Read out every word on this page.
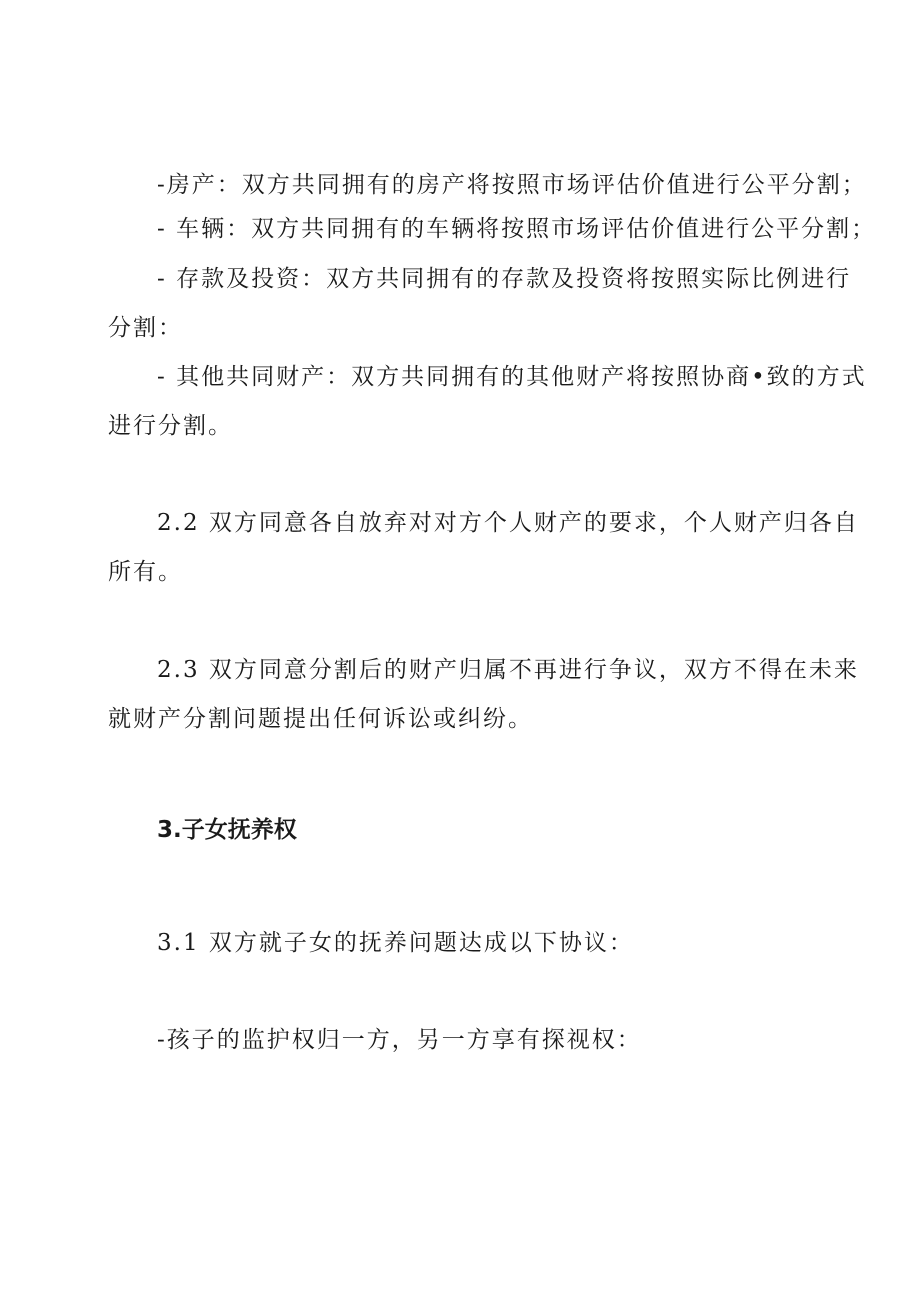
-房产：双方共同拥有的房产将按照市场评估价值进行公平分割；
- 车辆：双方共同拥有的车辆将按照市场评估价值进行公平分割；
- 存款及投资：双方共同拥有的存款及投资将按照实际比例进行
分割：
- 其他共同财产：双方共同拥有的其他财产将按照协商•致的方式
进行分割。
2.2 双方同意各自放弃对对方个人财产的要求，个人财产归各自
所有。
2.3 双方同意分割后的财产归属不再进行争议，双方不得在未来
就财产分割问题提出任何诉讼或纠纷。
3.子女抚养权
3.1 双方就子女的抚养问题达成以下协议：
-孩子的监护权归一方，另一方享有探视权：
